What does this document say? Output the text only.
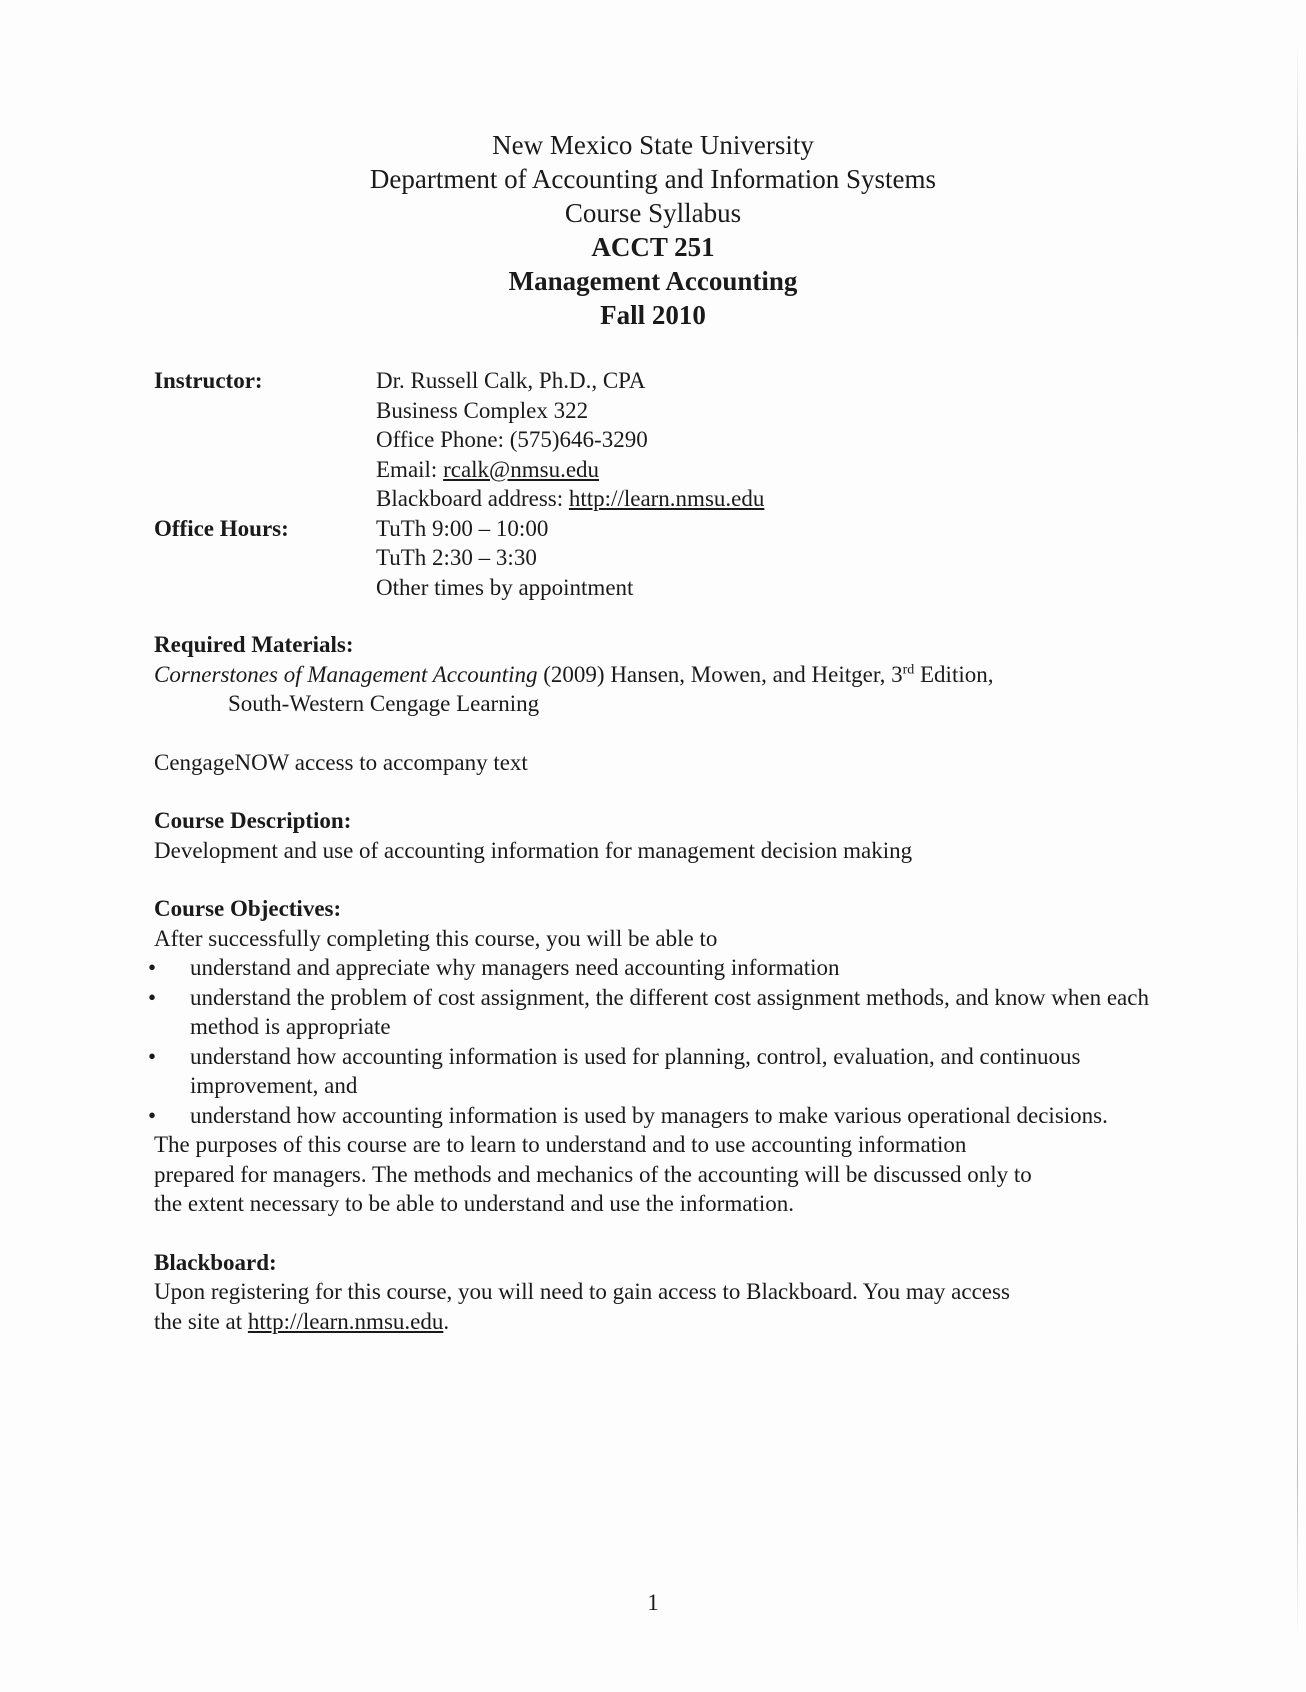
New Mexico State University
Department of Accounting and Information Systems
Course Syllabus
ACCT 251
Management Accounting
Fall 2010
Instructor:	Dr. Russell Calk, Ph.D., CPA
Business Complex 322
Office Phone: (575)646-3290
Email: rcalk@nmsu.edu
Blackboard address: http://learn.nmsu.edu
Office Hours:	TuTh 9:00 – 10:00
TuTh 2:30 – 3:30
Other times by appointment
Required Materials:
Cornerstones of Management Accounting (2009) Hansen, Mowen, and Heitger, 3rd Edition,
South-Western Cengage Learning
CengageNOW access to accompany text
Course Description:
Development and use of accounting information for management decision making
Course Objectives:
After successfully completing this course, you will be able to
• understand and appreciate why managers need accounting information
• understand the problem of cost assignment, the different cost assignment methods, and know when each method is appropriate
• understand how accounting information is used for planning, control, evaluation, and continuous improvement, and
• understand how accounting information is used by managers to make various operational decisions.
The purposes of this course are to learn to understand and to use accounting information
prepared for managers. The methods and mechanics of the accounting will be discussed only to
the extent necessary to be able to understand and use the information.
Blackboard:
Upon registering for this course, you will need to gain access to Blackboard. You may access
the site at http://learn.nmsu.edu.
1
